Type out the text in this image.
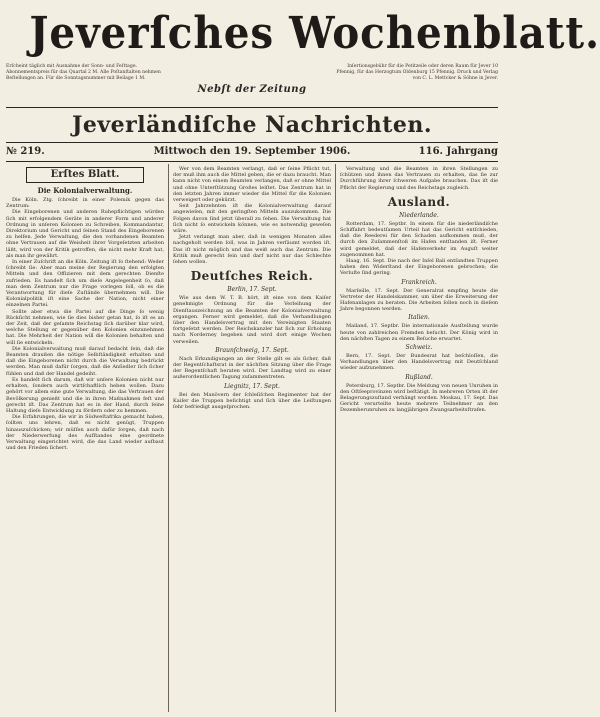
Jeverſches Wochenblatt.
Erſcheint täglich mit Ausnahme der Sonn- und Feſttage. Abonnementspreis für das Quartal 2 M. Alle Poſtanſtalten nehmen Beſtellungen an. Für die Sonntagsnummer mit Beilage 1 M.
Nebſt der Zeitung
Inſertionsgebühr für die Petitzeile oder deren Raum für Jever 10 Pfennig, für das Herzogtum Oldenburg 15 Pfennig. Druck und Verlag von C. L. Mettcker & Söhne in Jever.
Jeverländiſche Nachrichten.
№ 219.	Mittwoch den 19. September 1906.	116. Jahrgang
Erſtes Blatt.
Die Kolonialverwaltung.

Die Köln. Ztg. ſchreibt in einer Polemik gegen das Zentrum:

Die Eingeborenen und anderen Ruhepflichtigen würden ſich mit erfolgendem Geräte in anderer Form und anderer Ordnung in unſeren Kolonien zu Schreiben, Kommandantur, Direktorium und Gericht und ſeinen Stand des Eingeborenen zu helfen. Jede Verwaltung, die den vorhandenen Beamten ohne Vertrauen auf die Weisheit ihrer Vorgeſetzten arbeiten läßt, wird von der Kritik getroffen, die nicht mehr Kraft hat, als man ihr gewährt.

In einer Zuſchrift an die Köln. Zeitung iſt ſo ſtehend: Weder ſchreibt ſie: Aber man meine der Regierung den erfolgten Mitteln und den Offizieren mit dem gerechten Dienſte zufrieden. Es handelt ſich um dieſe Angelegenheit ſo, daß man dem Zentrum nur die Frage vorlegen ſoll, ob es die Verantwortung für dieſe Zuſtände übernehmen will. Die Kolonialpolitik iſt eine Sache der Nation, nicht einer einzelnen Partei.

Sollte aber etwa die Partei auf die Dinge ſo wenig Rückſicht nehmen, wie ſie dies bisher getan hat, ſo iſt es an der Zeit, daß der geſamte Reichstag ſich darüber klar wird, welche Stellung er gegenüber den Kolonien einzunehmen hat. Die Mehrheit der Nation will die Kolonien behalten und will ſie entwickeln.

Die Kolonialverwaltung muß darauf bedacht ſein, daß die Beamten draußen die nötige Selbſtändigkeit erhalten und daß die Eingeborenen nicht durch die Verwaltung bedrückt werden. Man muß dafür ſorgen, daß die Anſiedler ſich ſicher fühlen und daß der Handel gedeiht.

Es handelt ſich darum, daß wir unſere Kolonien nicht nur erhalten, ſondern auch wirtſchaftlich heben wollen. Dazu gehört vor allem eine gute Verwaltung, die das Vertrauen der Bevölkerung genießt und die in ihren Maßnahmen feſt und gerecht iſt. Das Zentrum hat es in der Hand, durch ſeine Haltung dieſe Entwicklung zu fördern oder zu hemmen.

Die Erfahrungen, die wir in Südweſtafrika gemacht haben, ſollten uns lehren, daß es nicht genügt, Truppen hinauszuſchicken; wir müſſen auch dafür ſorgen, daß nach der Niederwerfung des Aufſtandes eine geordnete Verwaltung eingerichtet wird, die das Land wieder aufbaut und den Frieden ſichert.

Wer von dem Beamten verlangt, daß er ſeine Pflicht tut, der muß ihm auch die Mittel geben, die er dazu braucht. Man kann nicht von einem Beamten verlangen, daß er ohne Mittel und ohne Unterſtützung Großes leiſtet. Das Zentrum hat in den letzten Jahren immer wieder die Mittel für die Kolonien verweigert oder gekürzt.

Seit Jahrzehnten iſt die Kolonialverwaltung darauf angewieſen, mit den geringſten Mitteln auszukommen. Die Folgen davon ſind jetzt überall zu ſehen. Die Verwaltung hat ſich nicht ſo entwickeln können, wie es notwendig geweſen wäre.

Jetzt verlangt man aber, daß in wenigen Monaten alles nachgeholt werden ſoll, was in Jahren verſäumt worden iſt. Das iſt nicht möglich und das weiß auch das Zentrum. Die Kritik muß gerecht ſein und darf nicht nur das Schlechte ſehen wollen.

Deutſches Reich.
Berlin, 17. Sept.

Wie aus dem W. T. B. hört, iſt eine von dem Kaiſer genehmigte Ordnung für die Verleihung der Dienſtauszeichnung an die Beamten der Kolonialverwaltung ergangen. Ferner wird gemeldet, daß die Verhandlungen über den Handelsvertrag mit den Vereinigten Staaten fortgeſetzt werden. Der Reichskanzler hat ſich zur Erholung nach Norderney begeben und wird dort einige Wochen verweilen.

Braunſchweig, 17. Sept.

Nach Erkundigungen an der Stelle gilt es als ſicher, daß der Regentſchaftsrat in der nächſten Sitzung über die Frage der Regentſchaft beraten wird. Der Landtag wird zu einer außerordentlichen Tagung zuſammentreten.

Liegnitz, 17. Sept.

Bei den Manövern der ſchleſiſchen Regimenter hat der Kaiſer die Truppen beſichtigt und ſich über die Leiſtungen ſehr befriedigt ausgeſprochen.

Verwaltung und die Beamten in ihren Stellungen zu ſchützen und ihnen das Vertrauen zu erhalten, das ſie zur Durchführung ihrer ſchweren Aufgabe brauchen. Das iſt die Pflicht der Regierung und des Reichstags zugleich.

Ausland.
Niederlande.

Rotterdam, 17. Septbr. In einem für die niederländiſche Schiffahrt bedeutſamen Urteil hat das Gericht entſchieden, daß die Reederei für den Schaden aufkommen muß, der durch den Zuſammenſtoß im Hafen entſtanden iſt. Ferner wird gemeldet, daß der Hafenverkehr im Auguſt weiter zugenommen hat.

Haag, 16. Sept. Die nach der Inſel Bali entſandten Truppen haben den Widerſtand der Eingeborenen gebrochen; die Verluſte ſind gering.

Frankreich.

Marſeille, 17. Sept. Der Generalrat empfing heute die Vertreter der Handelskammer, um über die Erweiterung der Hafenanlagen zu beraten. Die Arbeiten ſollen noch in dieſem Jahre begonnen werden.

Italien.

Mailand, 17. Septbr. Die internationale Ausſtellung wurde heute von zahlreichen Fremden beſucht. Der König wird in den nächſten Tagen zu einem Beſuche erwartet.

Schweiz.

Bern, 17. Sept. Der Bundesrat hat beſchloſſen, die Verhandlungen über den Handelsvertrag mit Deutſchland wieder aufzunehmen.

Rußland.

Petersburg, 17. Septbr. Die Meldung von neuen Unruhen in den Oſtſeeprovinzen wird beſtätigt. In mehreren Orten iſt der Belagerungszuſtand verhängt worden. Moskau, 17. Sept. Das Gericht verurteilte heute mehrere Teilnehmer an den Dezemberunruhen zu langjährigen Zwangsarbeitsſtrafen.
